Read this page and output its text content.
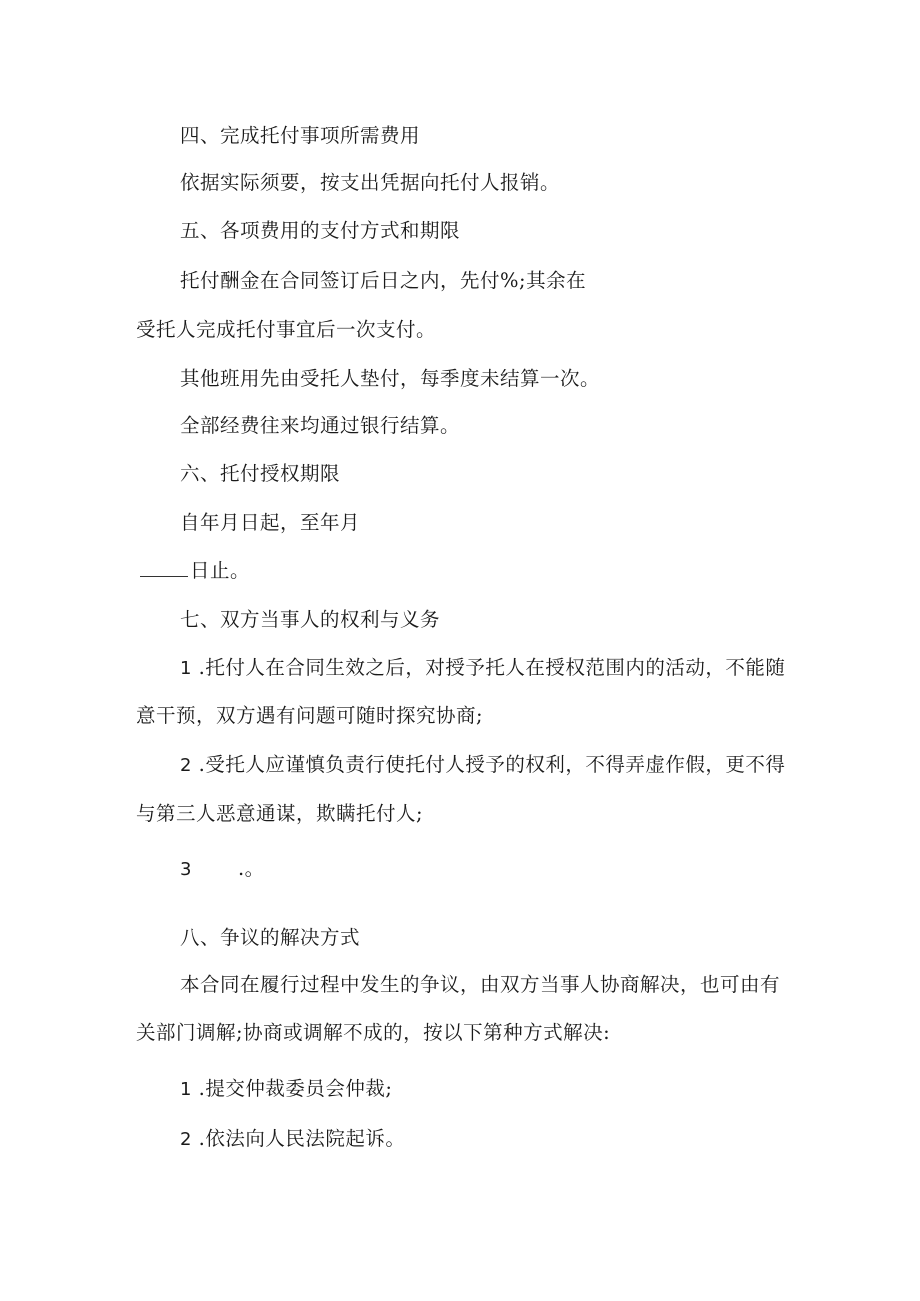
四、完成托付事项所需费用
依据实际须要，按支出凭据向托付人报销。
五、各项费用的支付方式和期限
托付酬金在合同签订后日之内，先付%;其余在
受托人完成托付事宜后一次支付。
其他班用先由受托人垫付，每季度未结算一次。
全部经费往来均通过银行结算。
六、托付授权期限
自年月日起，至年月
日止。
七、双方当事人的权利与义务
1 .托付人在合同生效之后，对授予托人在授权范围内的活动，不能随
意干预，双方遇有问题可随时探究协商;
2 .受托人应谨慎负责行使托付人授予的权利，不得弄虚作假，更不得
与第三人恶意通谋，欺瞒托付人;
3 .。
八、争议的解决方式
本合同在履行过程中发生的争议，由双方当事人协商解决，也可由有
关部门调解;协商或调解不成的，按以下第种方式解决:
1 .提交仲裁委员会仲裁;
2 .依法向人民法院起诉。
